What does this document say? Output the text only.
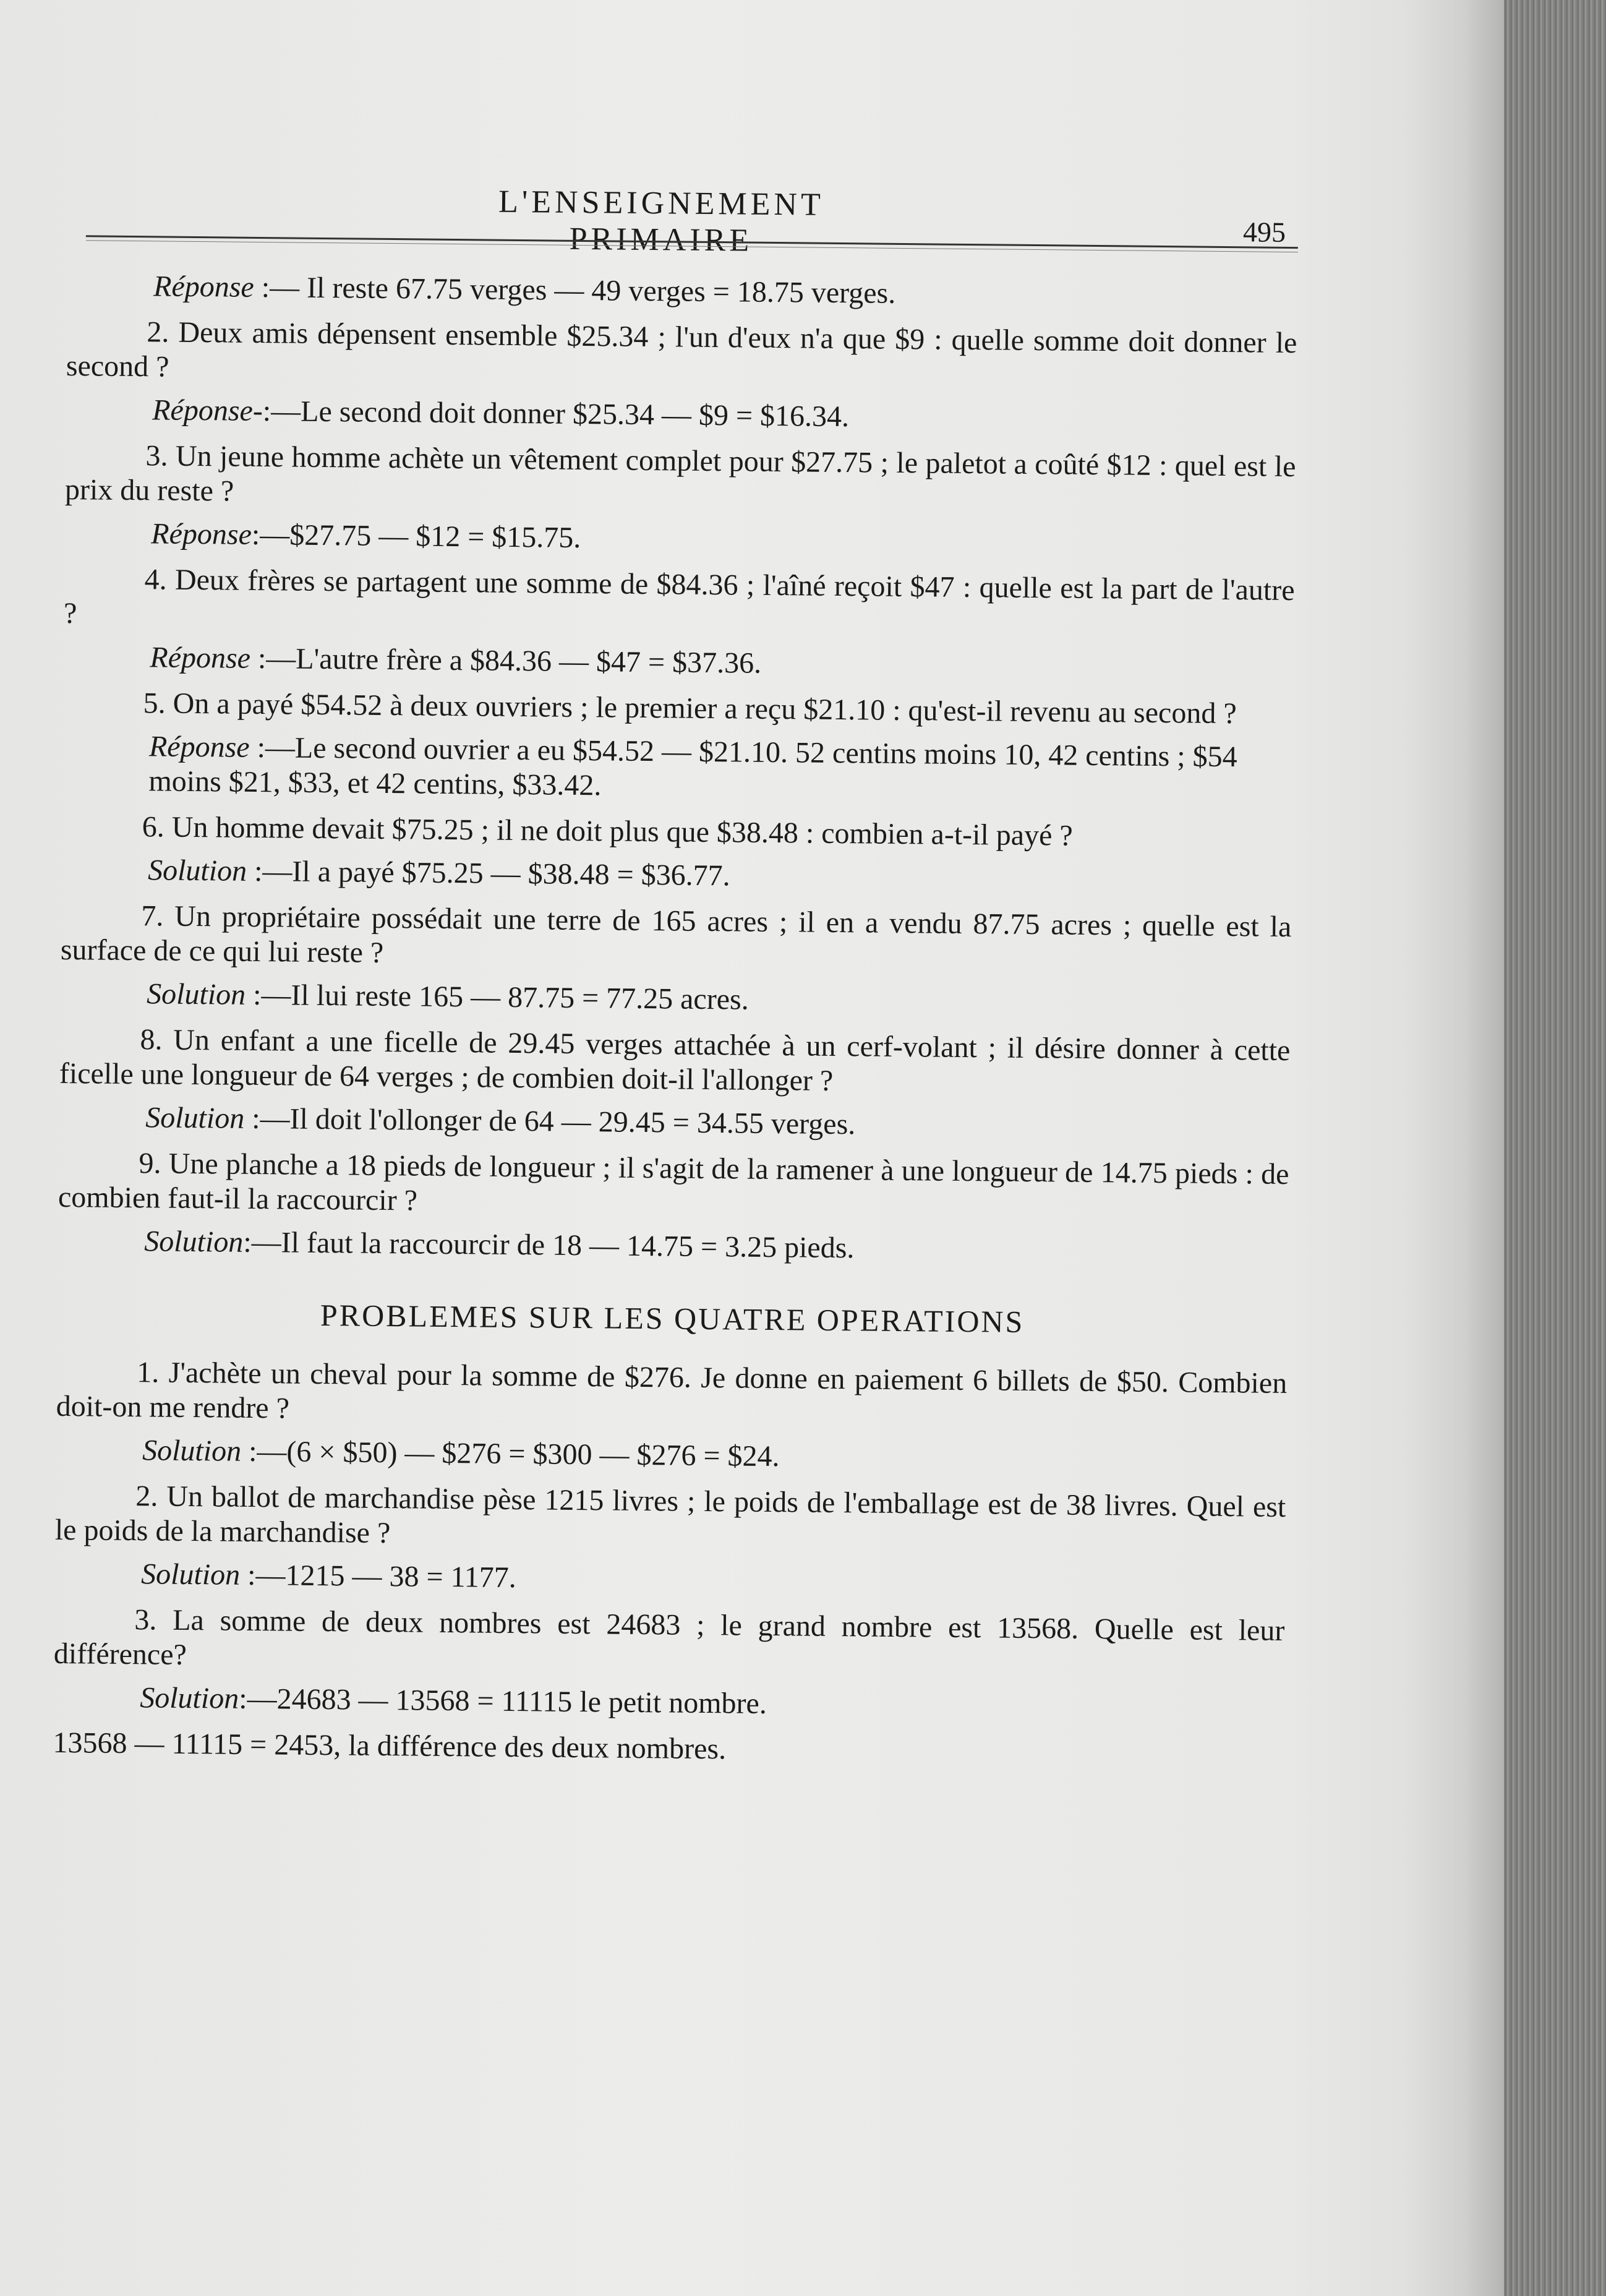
L'ENSEIGNEMENT PRIMAIRE	495

Réponse :— Il reste 67.75 verges — 49 verges = 18.75 verges.

2. Deux amis dépensent ensemble $25.34 ; l'un d'eux n'a que $9 : quelle somme doit donner le second ?

Réponse-:—Le second doit donner $25.34 — $9 = $16.34.

3. Un jeune homme achète un vêtement complet pour $27.75 ; le paletot a coûté $12 : quel est le prix du reste ?

Réponse:—$27.75 — $12 = $15.75.

4. Deux frères se partagent une somme de $84.36 ; l'aîné reçoit $47 : quelle est la part de l'autre ?

Réponse :—L'autre frère a $84.36 — $47 = $37.36.

5. On a payé $54.52 à deux ouvriers ; le premier a reçu $21.10 : qu'est-il revenu au second ?

Réponse :—Le second ouvrier a eu $54.52 — $21.10. 52 centins moins 10, 42 centins ; $54 moins $21, $33, et 42 centins, $33.42.

6. Un homme devait $75.25 ; il ne doit plus que $38.48 : combien a-t-il payé ?

Solution :—Il a payé $75.25 — $38.48 = $36.77.

7. Un propriétaire possédait une terre de 165 acres ; il en a vendu 87.75 acres ; quelle est la surface de ce qui lui reste ?

Solution :—Il lui reste 165 — 87.75 = 77.25 acres.

8. Un enfant a une ficelle de 29.45 verges attachée à un cerf-volant ; il désire donner à cette ficelle une longueur de 64 verges ; de combien doit-il l'allonger ?

Solution :—Il doit l'ollonger de 64 — 29.45 = 34.55 verges.

9. Une planche a 18 pieds de longueur ; il s'agit de la ramener à une longueur de 14.75 pieds : de combien faut-il la raccourcir ?

Solution:—Il faut la raccourcir de 18 — 14.75 = 3.25 pieds.

PROBLEMES SUR LES QUATRE OPERATIONS

1. J'achète un cheval pour la somme de $276. Je donne en paiement 6 billets de $50. Combien doit-on me rendre ?

Solution :—(6 × $50) — $276 = $300 — $276 = $24.

2. Un ballot de marchandise pèse 1215 livres ; le poids de l'emballage est de 38 livres. Quel est le poids de la marchandise ?

Solution :—1215 — 38 = 1177.

3. La somme de deux nombres est 24683 ; le grand nombre est 13568. Quelle est leur différence?

Solution:—24683 — 13568 = 11115 le petit nombre.

13568 — 11115 = 2453, la différence des deux nombres.
